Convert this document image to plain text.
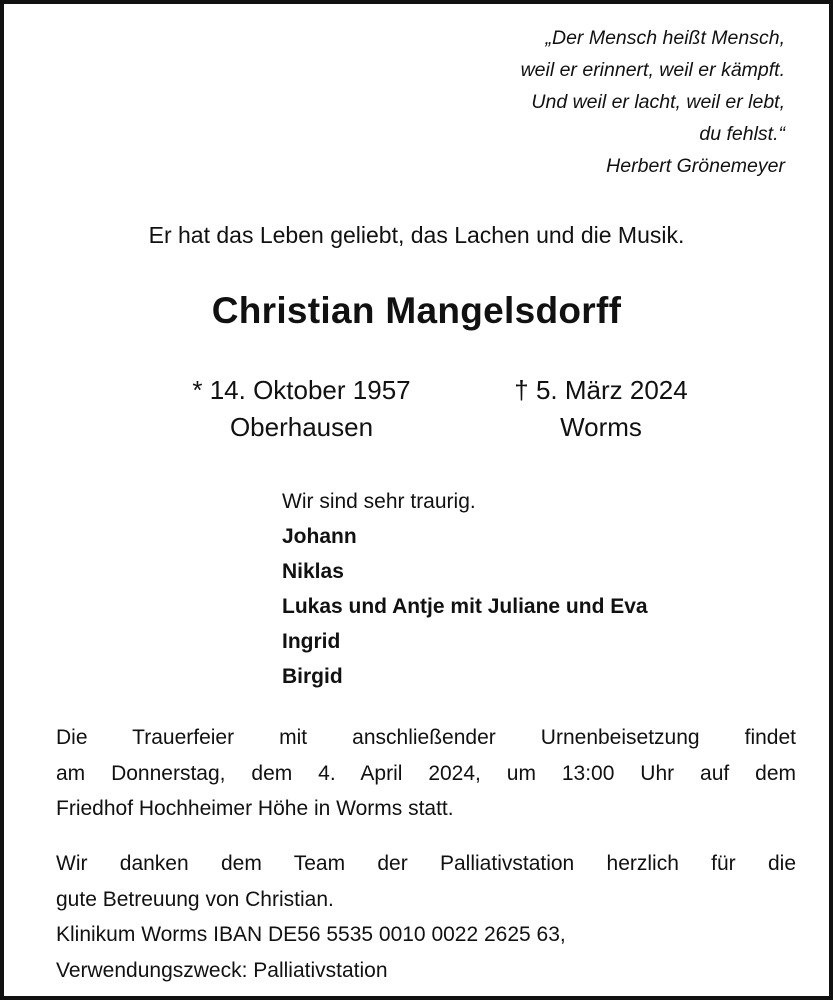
„Der Mensch heißt Mensch,
weil er erinnert, weil er kämpft.
Und weil er lacht, weil er lebt,
du fehlst.“
Herbert Grönemeyer
Er hat das Leben geliebt, das Lachen und die Musik.
Christian Mangelsdorff
* 14. Oktober 1957
Oberhausen
† 5. März 2024
Worms
Wir sind sehr traurig.
Johann
Niklas
Lukas und Antje mit Juliane und Eva
Ingrid
Birgid
Die Trauerfeier mit anschließender Urnenbeisetzung findet
am Donnerstag, dem 4. April 2024, um 13:00 Uhr auf dem
Friedhof Hochheimer Höhe in Worms statt.
Wir danken dem Team der Palliativstation herzlich für die
gute Betreuung von Christian.
Klinikum Worms IBAN DE56 5535 0010 0022 2625 63,
Verwendungszweck: Palliativstation
